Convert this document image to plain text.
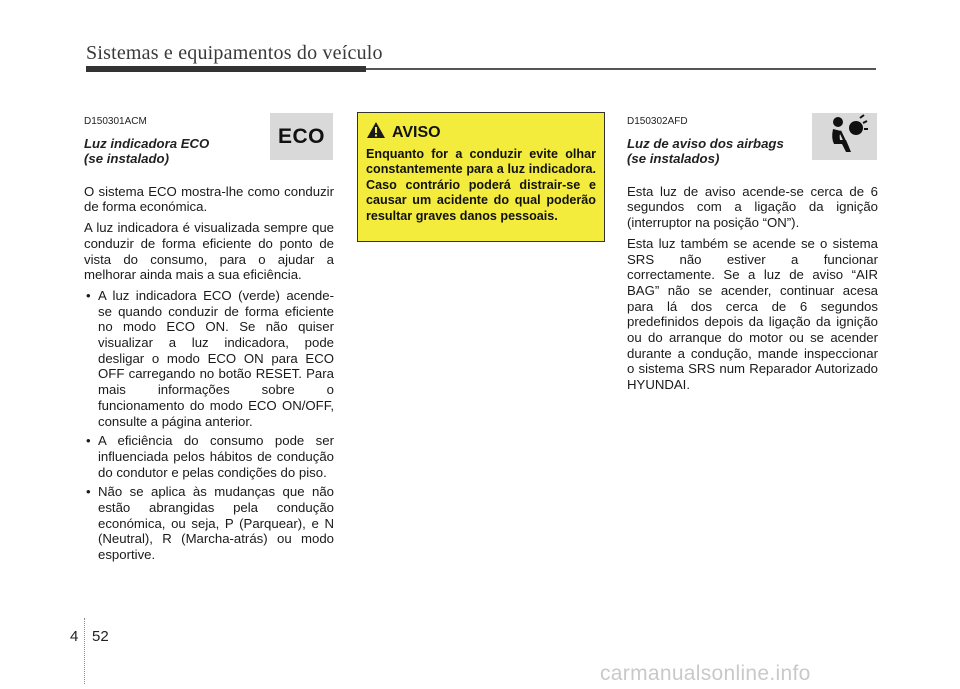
Sistemas e equipamentos do veículo
D150301ACM
Luz indicadora ECO
(se instalado)

O sistema ECO mostra-lhe como conduzir de forma económica.

A luz indicadora é visualizada sempre que conduzir de forma eficiente do ponto de vista do consumo, para o ajudar a melhorar ainda mais a sua eficiência.

• A luz indicadora ECO (verde) acende-se quando conduzir de forma eficiente no modo ECO ON. Se não quiser visualizar a luz indicadora, pode desligar o modo ECO ON para ECO OFF carregando no botão RESET. Para mais informações sobre o funcionamento do modo ECO ON/OFF, consulte a página anterior.
• A eficiência do consumo pode ser influenciada pelos hábitos de condução do condutor e pelas condições do piso.
• Não se aplica às mudanças que não estão abrangidas pela condução económica, ou seja, P (Parquear), e N (Neutral), R (Marcha-atrás) ou modo esportive.
ECO	AVISO
Enquanto for a conduzir evite olhar constantemente para a luz indicadora. Caso contrário poderá distrair-se e causar um acidente do qual poderão resultar graves danos pessoais.
D150302AFD
Luz de aviso dos airbags
(se instalados)

Esta luz de aviso acende-se cerca de 6 segundos com a ligação da ignição (interruptor na posição “ON”).

Esta luz também se acende se o sistema SRS não estiver a funcionar correctamente. Se a luz de aviso “AIR BAG” não se acender, continuar acesa para lá dos cerca de 6 segundos predefinidos depois da ligação da ignição ou do arranque do motor ou se acender durante a condução, mande inspeccionar o sistema SRS num Reparador Autorizado HYUNDAI.

4 52
carmanualsonline.info
